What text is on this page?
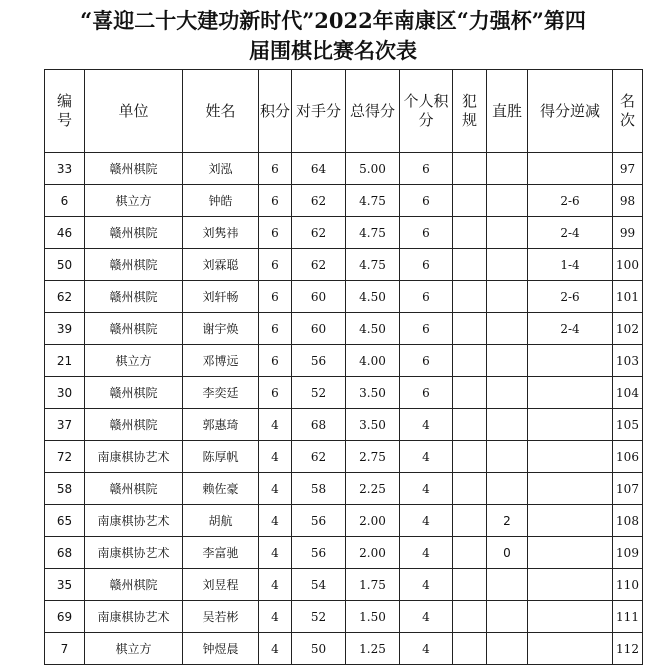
“喜迎二十大建功新时代”2022年南康区“力强杯”第四
届围棋比赛名次表
编号	单位	姓名	积分	对手分	总得分	个人积分	犯规	直胜	得分逆减	名次
33	赣州棋院	刘泓	6	64	5.00	6				97
6	棋立方	钟皓	6	62	4.75	6			2-6	98
46	赣州棋院	刘隽祎	6	62	4.75	6			2-4	99
50	赣州棋院	刘霖聪	6	62	4.75	6			1-4	100
62	赣州棋院	刘轩畅	6	60	4.50	6			2-6	101
39	赣州棋院	谢宇焕	6	60	4.50	6			2-4	102
21	棋立方	邓博远	6	56	4.00	6				103
30	赣州棋院	李奕廷	6	52	3.50	6				104
37	赣州棋院	郭惠琦	4	68	3.50	4				105
72	南康棋协艺术	陈厚帆	4	62	2.75	4				106
58	赣州棋院	赖佐豪	4	58	2.25	4				107
65	南康棋协艺术	胡航	4	56	2.00	4		2		108
68	南康棋协艺术	李富驰	4	56	2.00	4		0		109
35	赣州棋院	刘昱程	4	54	1.75	4				110
69	南康棋协艺术	吴若彬	4	52	1.50	4				111
7	棋立方	钟煜晨	4	50	1.25	4				112
